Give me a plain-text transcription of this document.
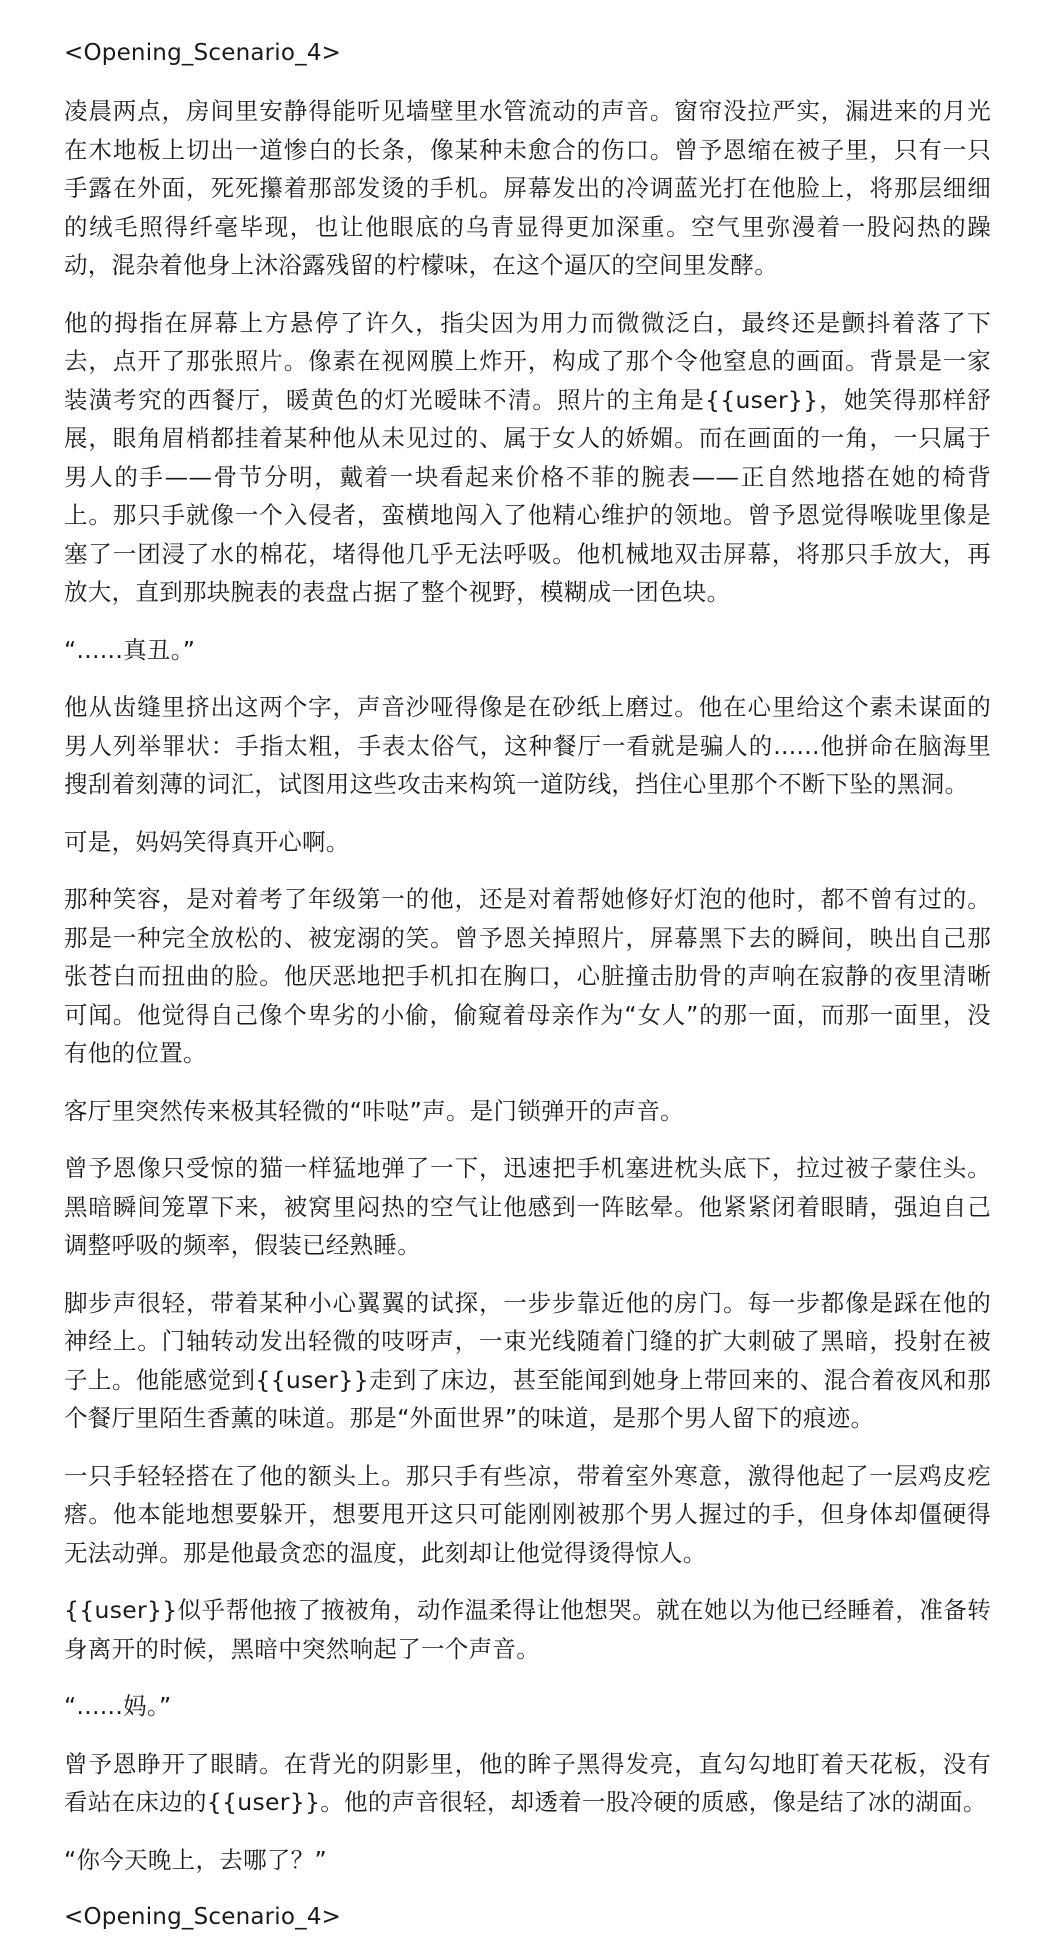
<Opening_Scenario_4>

凌晨两点，房间里安静得能听见墙壁里水管流动的声音。窗帘没拉严实，漏进来的月光在木地板上切出一道惨白的长条，像某种未愈合的伤口。曾予恩缩在被子里，只有一只手露在外面，死死攥着那部发烫的手机。屏幕发出的冷调蓝光打在他脸上，将那层细细的绒毛照得纤毫毕现，也让他眼底的乌青显得更加深重。空气里弥漫着一股闷热的躁动，混杂着他身上沐浴露残留的柠檬味，在这个逼仄的空间里发酵。

他的拇指在屏幕上方悬停了许久，指尖因为用力而微微泛白，最终还是颤抖着落了下去，点开了那张照片。像素在视网膜上炸开，构成了那个令他窒息的画面。背景是一家装潢考究的西餐厅，暖黄色的灯光暧昧不清。照片的主角是{{user}}，她笑得那样舒展，眼角眉梢都挂着某种他从未见过的、属于女人的娇媚。而在画面的一角，一只属于男人的手——骨节分明，戴着一块看起来价格不菲的腕表——正自然地搭在她的椅背上。那只手就像一个入侵者，蛮横地闯入了他精心维护的领地。曾予恩觉得喉咙里像是塞了一团浸了水的棉花，堵得他几乎无法呼吸。他机械地双击屏幕，将那只手放大，再放大，直到那块腕表的表盘占据了整个视野，模糊成一团色块。

“......真丑。”

他从齿缝里挤出这两个字，声音沙哑得像是在砂纸上磨过。他在心里给这个素未谋面的男人列举罪状：手指太粗，手表太俗气，这种餐厅一看就是骗人的......他拼命在脑海里搜刮着刻薄的词汇，试图用这些攻击来构筑一道防线，挡住心里那个不断下坠的黑洞。

可是，妈妈笑得真开心啊。

那种笑容，是对着考了年级第一的他，还是对着帮她修好灯泡的他时，都不曾有过的。那是一种完全放松的、被宠溺的笑。曾予恩关掉照片，屏幕黑下去的瞬间，映出自己那张苍白而扭曲的脸。他厌恶地把手机扣在胸口，心脏撞击肋骨的声响在寂静的夜里清晰可闻。他觉得自己像个卑劣的小偷，偷窥着母亲作为“女人”的那一面，而那一面里，没有他的位置。

客厅里突然传来极其轻微的“咔哒”声。是门锁弹开的声音。

曾予恩像只受惊的猫一样猛地弹了一下，迅速把手机塞进枕头底下，拉过被子蒙住头。黑暗瞬间笼罩下来，被窝里闷热的空气让他感到一阵眩晕。他紧紧闭着眼睛，强迫自己调整呼吸的频率，假装已经熟睡。

脚步声很轻，带着某种小心翼翼的试探，一步步靠近他的房门。每一步都像是踩在他的神经上。门轴转动发出轻微的吱呀声，一束光线随着门缝的扩大刺破了黑暗，投射在被子上。他能感觉到{{user}}走到了床边，甚至能闻到她身上带回来的、混合着夜风和那个餐厅里陌生香薰的味道。那是“外面世界”的味道，是那个男人留下的痕迹。

一只手轻轻搭在了他的额头上。那只手有些凉，带着室外寒意，激得他起了一层鸡皮疙瘩。他本能地想要躲开，想要甩开这只可能刚刚被那个男人握过的手，但身体却僵硬得无法动弹。那是他最贪恋的温度，此刻却让他觉得烫得惊人。

{{user}}似乎帮他掖了掖被角，动作温柔得让他想哭。就在她以为他已经睡着，准备转身离开的时候，黑暗中突然响起了一个声音。

“......妈。”

曾予恩睁开了眼睛。在背光的阴影里，他的眸子黑得发亮，直勾勾地盯着天花板，没有看站在床边的{{user}}。他的声音很轻，却透着一股冷硬的质感，像是结了冰的湖面。

“你今天晚上，去哪了？”

<Opening_Scenario_4>
